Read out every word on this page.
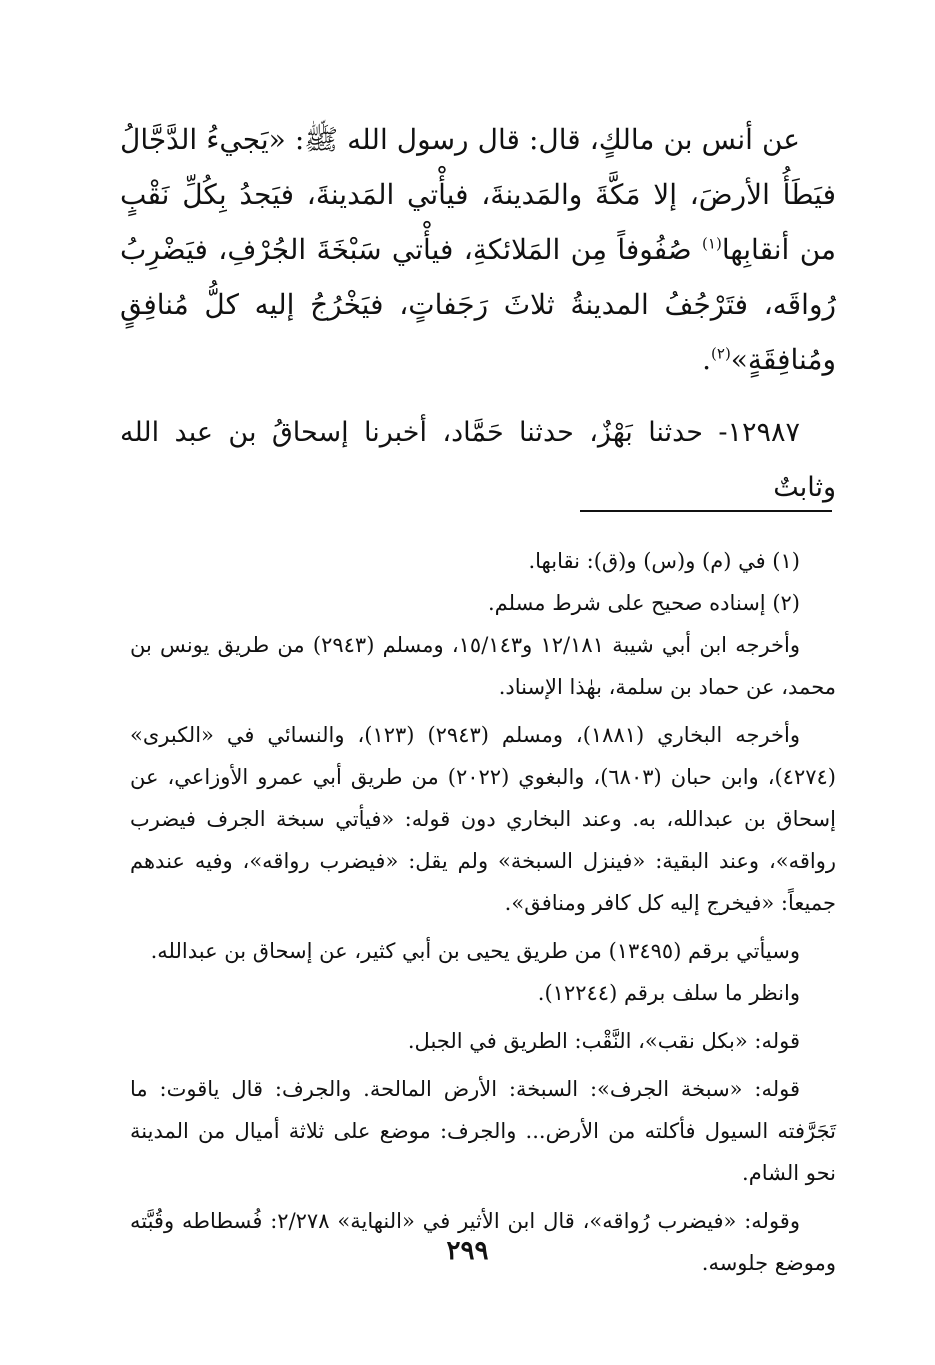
عن أنس بن مالكٍ، قال: قال رسول الله ﷺ: «يَجيءُ الدَّجَّالُ فيَطَأُ الأرضَ، إلا مَكَّةَ والمَدينةَ، فيأْتي المَدينةَ، فيَجدُ بِكُلِّ نَقْبٍ من أنقابِها$^{(١)}$ صُفُوفاً مِن المَلائكةِ، فيأْتي سَبْخَةَ الجُرْفِ، فيَضْرِبُ رُواقَه، فتَرْجُفُ المدينةُ ثلاثَ رَجَفاتٍ، فيَخْرُجُ إليه كلُّ مُنافِقٍ ومُنافِقَةٍ»$^{(٢)}$.

١٢٩٨٧- حدثنا بَهْزٌ، حدثنا حَمَّاد، أخبرنا إسحاقُ بن عبد الله وثابتٌ

(١) في (م) و(س) و(ق): نقابها.

(٢) إسناده صحيح على شرط مسلم.

وأخرجه ابن أبي شيبة ١٢/١٨١ و١٥/١٤٣، ومسلم (٢٩٤٣) من طريق يونس بن محمد، عن حماد بن سلمة، بهٰذا الإسناد.

وأخرجه البخاري (١٨٨١)، ومسلم (٢٩٤٣) (١٢٣)، والنسائي في «الكبرى» (٤٢٧٤)، وابن حبان (٦٨٠٣)، والبغوي (٢٠٢٢) من طريق أبي عمرو الأوزاعي، عن إسحاق بن عبدالله، به. وعند البخاري دون قوله: «فيأتي سبخة الجرف فيضرب رواقه»، وعند البقية: «فينزل السبخة» ولم يقل: «فيضرب رواقه»، وفيه عندهم جميعاً: «فيخرج إليه كل كافر ومنافق».

وسيأتي برقم (١٣٤٩٥) من طريق يحيى بن أبي كثير، عن إسحاق بن عبدالله.

وانظر ما سلف برقم (١٢٢٤٤).

قوله: «بكل نقب»، النَّقْب: الطريق في الجبل.

قوله: «سبخة الجرف»: السبخة: الأرض المالحة. والجرف: قال ياقوت: ما تَجَرَّفته السيول فأكلته من الأرض... والجرف: موضع على ثلاثة أميال من المدينة نحو الشام.

وقوله: «فيضرب رُواقه»، قال ابن الأثير في «النهاية» ٢/٢٧٨: فُسطاطه وقُبَّته وموضع جلوسه.

٢٩٩
